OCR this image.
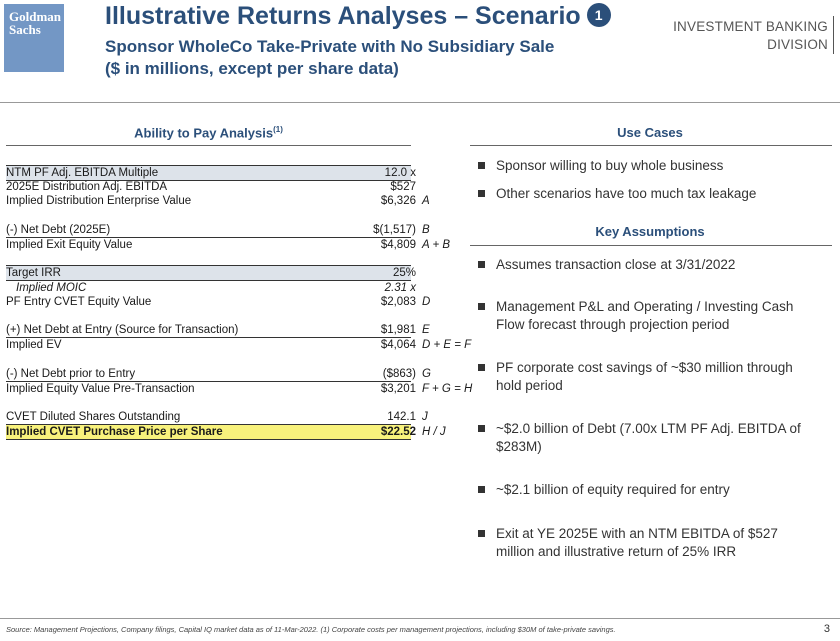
Goldman
Sachs	Illustrative Returns Analyses – Scenario 1
Sponsor WholeCo Take-Private with No Subsidiary Sale
($ in millions, except per share data)
INVESTMENT BANKING
DIVISION
Ability to Pay Analysis$^{(1)}$
NTM PF Adj. EBITDA Multiple	12.0 x
2025E Distribution Adj. EBITDA	$527
Implied Distribution Enterprise Value	$6,326 A
(-) Net Debt (2025E)	$(1,517) B
Implied Exit Equity Value	$4,809 A + B
Target IRR	25%
Implied MOIC	2.31 x
PF Entry CVET Equity Value	$2,083 D
(+) Net Debt at Entry (Source for Transaction)	$1,981 E
Implied EV	$4,064 D + E = F
(-) Net Debt prior to Entry	($863) G
Implied Equity Value Pre-Transaction	$3,201 F + G = H
CVET Diluted Shares Outstanding	142.1 J
Implied CVET Purchase Price per Share	$22.52 H / J
Use Cases
Sponsor willing to buy whole business
Other scenarios have too much tax leakage
Key Assumptions
Assumes transaction close at 3/31/2022
Management P&L and Operating / Investing Cash Flow forecast through projection period
PF corporate cost savings of ~$30 million through hold period
~$2.0 billion of Debt (7.00x LTM PF Adj. EBITDA of $283M)
~$2.1 billion of equity required for entry
Exit at YE 2025E with an NTM EBITDA of $527 million and illustrative return of 25% IRR
Source: Management Projections, Company filings, Capital IQ market data as of 11-Mar-2022. (1) Corporate costs per management projections, including $30M of take-private savings.	3
